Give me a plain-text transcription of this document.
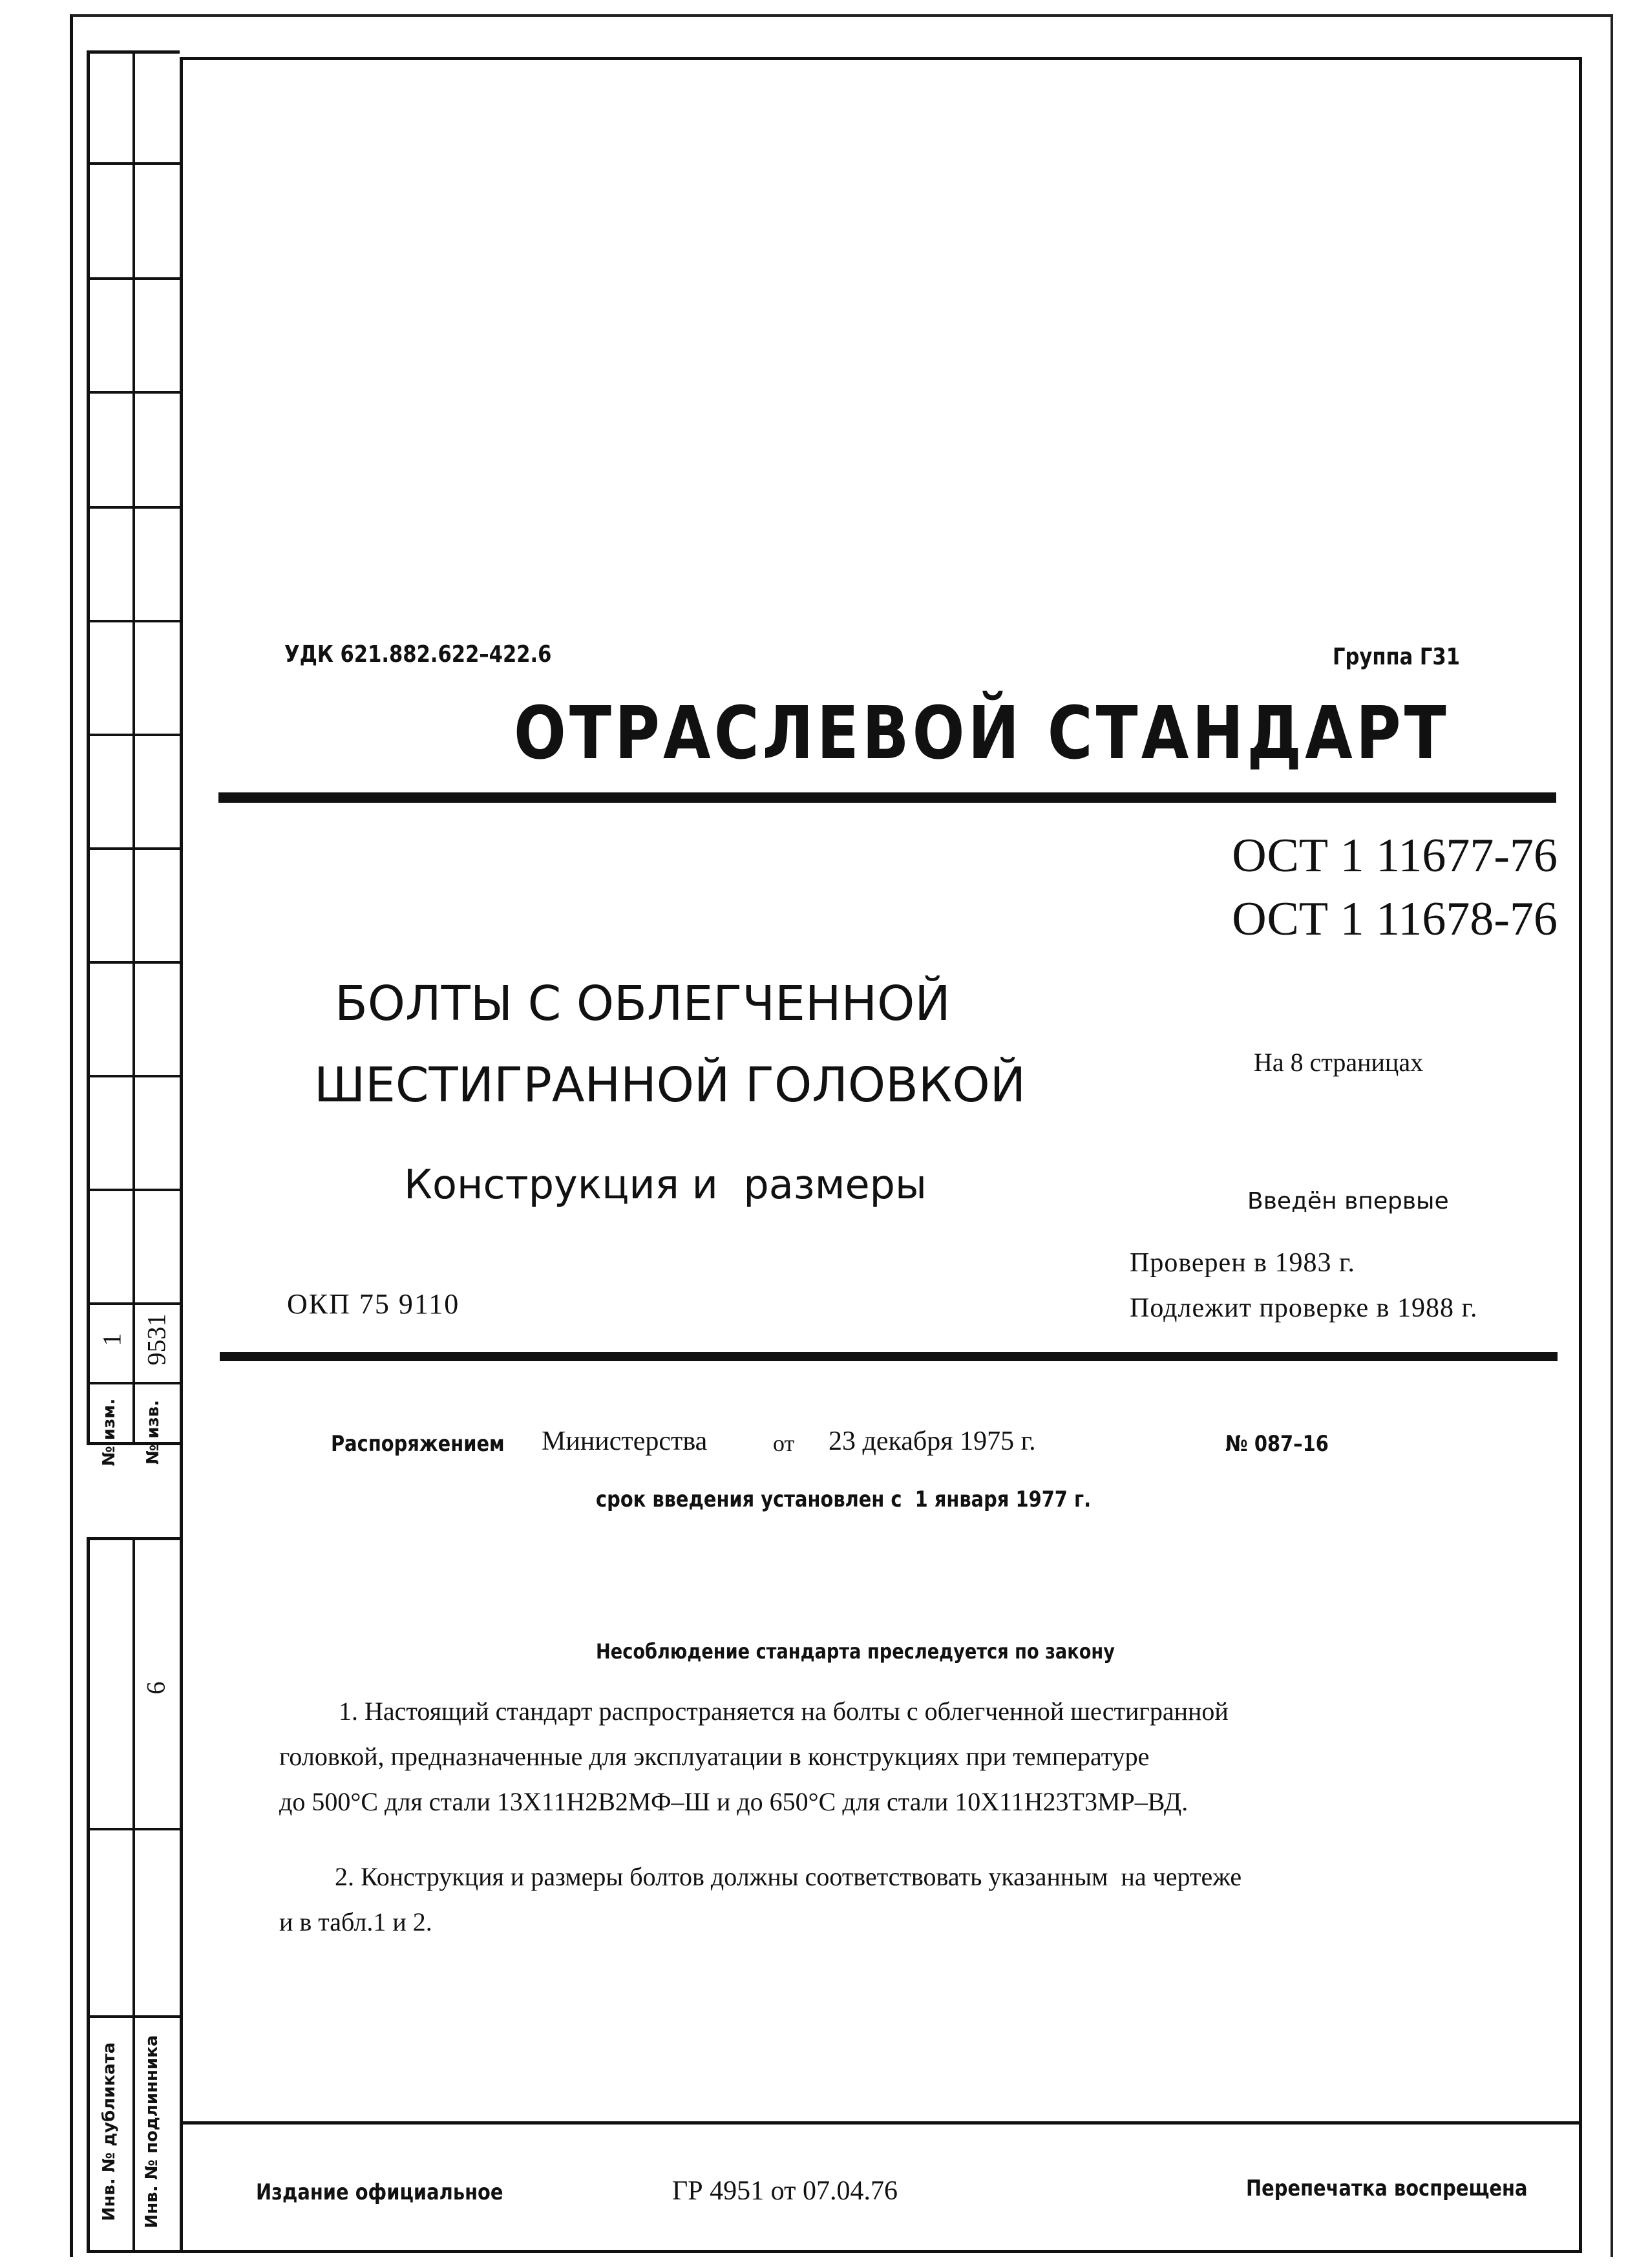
1 9531
№ изм. № изв.
6
Инв. № дубликата Инв. № подлинника
УДК 621.882.622–422.6	Группа Г31
ОТРАСЛЕВОЙ СТАНДАРТ
ОСТ 1 11677-76
ОСТ 1 11678-76
На 8 страницах
Введён впервые
Проверен в 1983 г.
Подлежит проверке в 1988 г.
БОЛТЫ С ОБЛЕГЧЕННОЙ
ШЕСТИГРАННОЙ ГОЛОВКОЙ
Конструкция и  размеры
ОКП 75 9110
Распоряжением Министерства	от 23 декабря 1975 г.	№ 087–16
срок введения установлен с  1 января 1977 г.
Несоблюдение стандарта преследуется по закону
1. Настоящий стандарт распространяется на болты с облегченной шестигранной
головкой, предназначенные для эксплуатации в конструкциях при температуре
до 500°С для стали 13Х11Н2В2МФ–Ш и до 650°С для стали 10Х11Н23Т3МР–ВД.
2. Конструкция и размеры болтов должны соответствовать указанным  на чертеже
и в табл.1 и 2.
Издание официальное	ГР 4951 от 07.04.76	Перепечатка воспрещена
